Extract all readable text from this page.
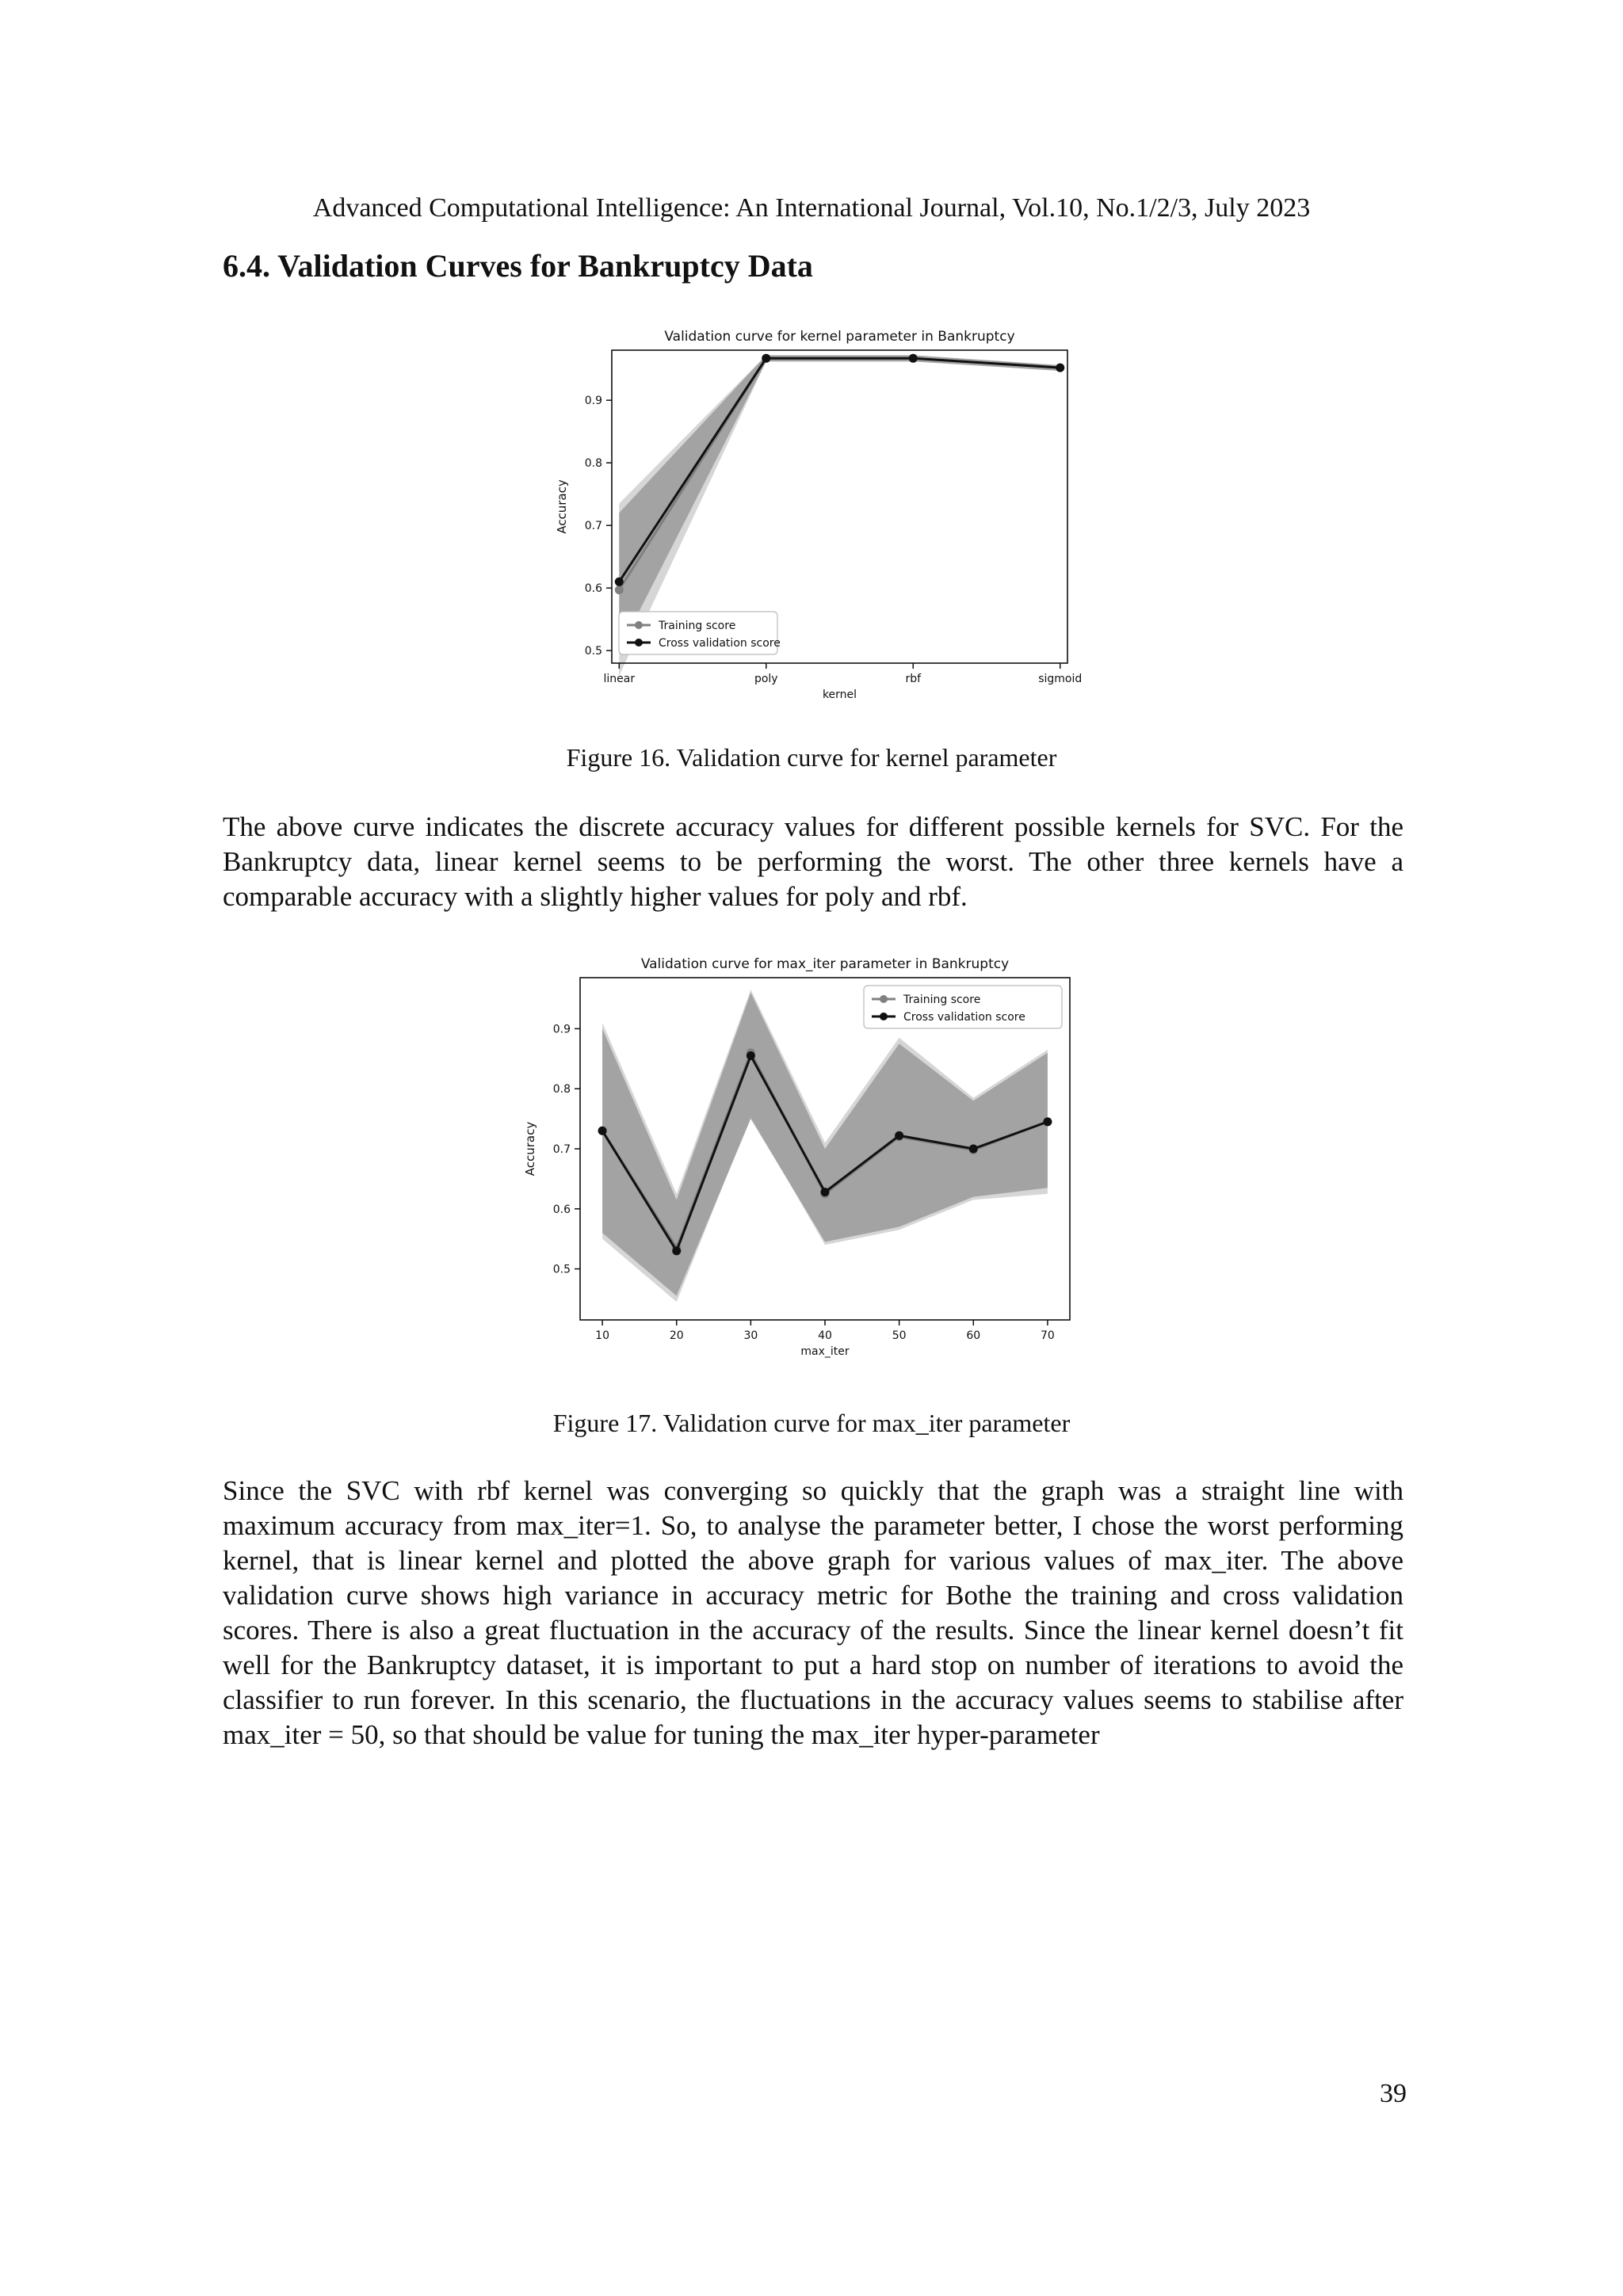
Advanced Computational Intelligence: An International Journal, Vol.10, No.1/2/3, July 2023
6.4. Validation Curves for Bankruptcy Data
Validation curve for kernel parameter in Bankruptcy
0.5
0.6
0.7
0.8
0.9
linear	poly	rbf	sigmoid
kernel
Accuracy
Training score
Cross validation score
Figure 16. Validation curve for kernel parameter
The above curve indicates the discrete accuracy values for different possible kernels for SVC. For the Bankruptcy data, linear kernel seems to be performing the worst. The other three kernels have a comparable accuracy with a slightly higher values for poly and rbf.
Validation curve for max_iter parameter in Bankruptcy
0.5
0.6
0.7
0.8
0.9
10	20	30	40	50	60	70
max_iter
Accuracy
Training score
Cross validation score
Figure 17. Validation curve for max_iter parameter
Since the SVC with rbf kernel was converging so quickly that the graph was a straight line with maximum accuracy from max_iter=1. So, to analyse the parameter better, I chose the worst performing kernel, that is linear kernel and plotted the above graph for various values of max_iter. The above validation curve shows high variance in accuracy metric for Bothe the training and cross validation scores. There is also a great fluctuation in the accuracy of the results. Since the linear kernel doesn’t fit well for the Bankruptcy dataset, it is important to put a hard stop on number of iterations to avoid the classifier to run forever. In this scenario, the fluctuations in the accuracy values seems to stabilise after max_iter = 50, so that should be value for tuning the max_iter hyper-parameter
39
